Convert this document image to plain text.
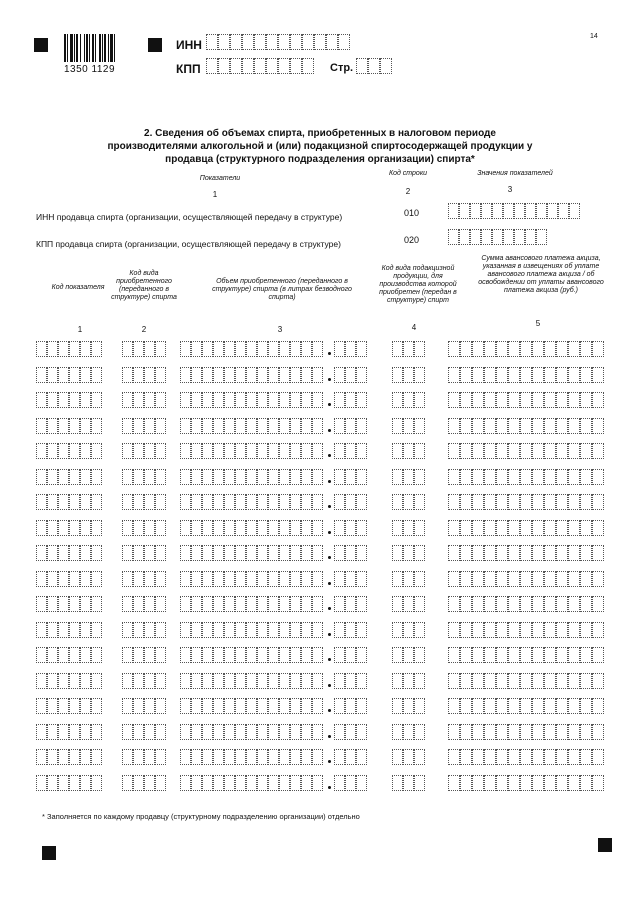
1350 1129
ИНН
КПП	Стр.
14
2. Сведения об объемах спирта, приобретенных в налоговом периоде производителями алкогольной и (или) подакцизной спиртосодержащей продукции у продавца (структурного подразделения организации) спирта*
Показатели
Код строки	Значения показателей
1	2	3
ИНН продавца спирта (организации, осуществляющей передачу в структуре)	010
КПП продавца спирта (организации, осуществляющей передачу в структуре)	020
Код показателя
Код вида приобретенного (переданного в структуре) спирта
Объем приобретенного (переданного в структуре) спирта (в литрах безводного спирта)
Код вида подакцизной продукции, для производства которой приобретен (передан в структуре) спирт
Сумма авансового платежа акциза, указанная в извещениях об уплате авансового платежа акциза / об освобождении от уплаты авансового платежа акциза (руб.)
1	2	3	4	5
* Заполняется по каждому продавцу (структурному подразделению организации) отдельно
